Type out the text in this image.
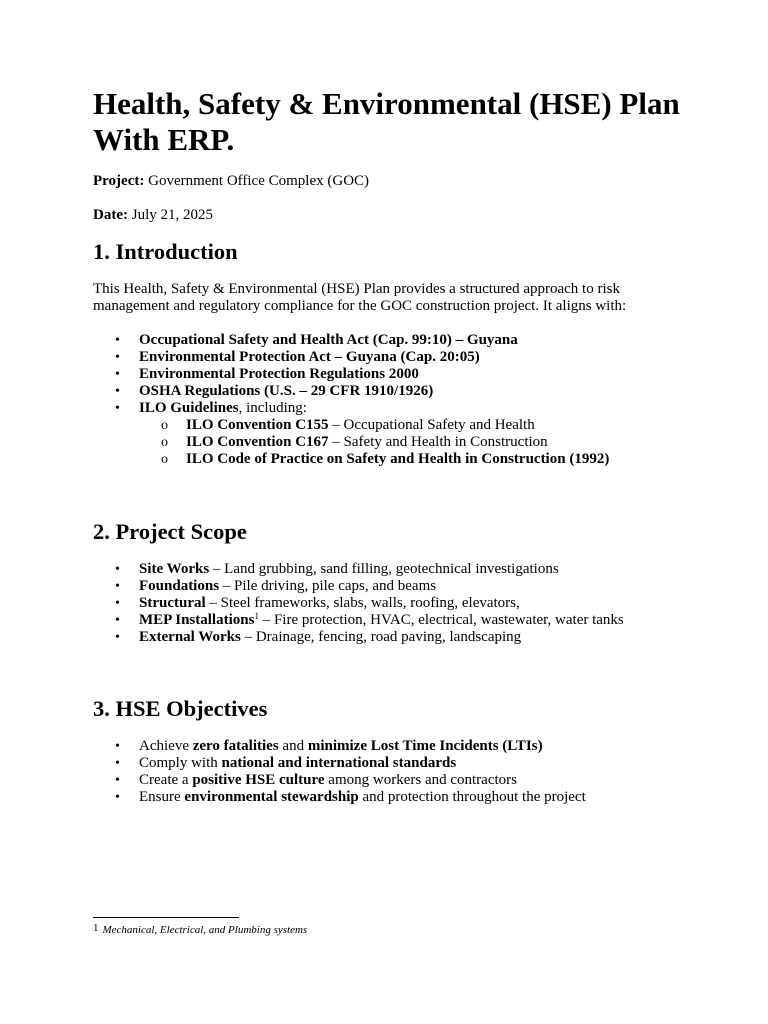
Health, Safety & Environmental (HSE) Plan With ERP.

Project: Government Office Complex (GOC)

Date: July 21, 2025

1. Introduction

This Health, Safety & Environmental (HSE) Plan provides a structured approach to risk management and regulatory compliance for the GOC construction project. It aligns with:

• Occupational Safety and Health Act (Cap. 99:10) – Guyana
• Environmental Protection Act – Guyana (Cap. 20:05)
• Environmental Protection Regulations 2000
• OSHA Regulations (U.S. – 29 CFR 1910/1926)
• ILO Guidelines, including:
o ILO Convention C155 – Occupational Safety and Health
o ILO Convention C167 – Safety and Health in Construction
o ILO Code of Practice on Safety and Health in Construction (1992)
2. Project Scope
• Site Works – Land grubbing, sand filling, geotechnical investigations
• Foundations – Pile driving, pile caps, and beams
• Structural – Steel frameworks, slabs, walls, roofing, elevators,
• MEP Installations$^1$ – Fire protection, HVAC, electrical, wastewater, water tanks
• External Works – Drainage, fencing, road paving, landscaping
3. HSE Objectives
• Achieve zero fatalities and minimize Lost Time Incidents (LTIs)
• Comply with national and international standards
• Create a positive HSE culture among workers and contractors
• Ensure environmental stewardship and protection throughout the project
1 Mechanical, Electrical, and Plumbing systems
